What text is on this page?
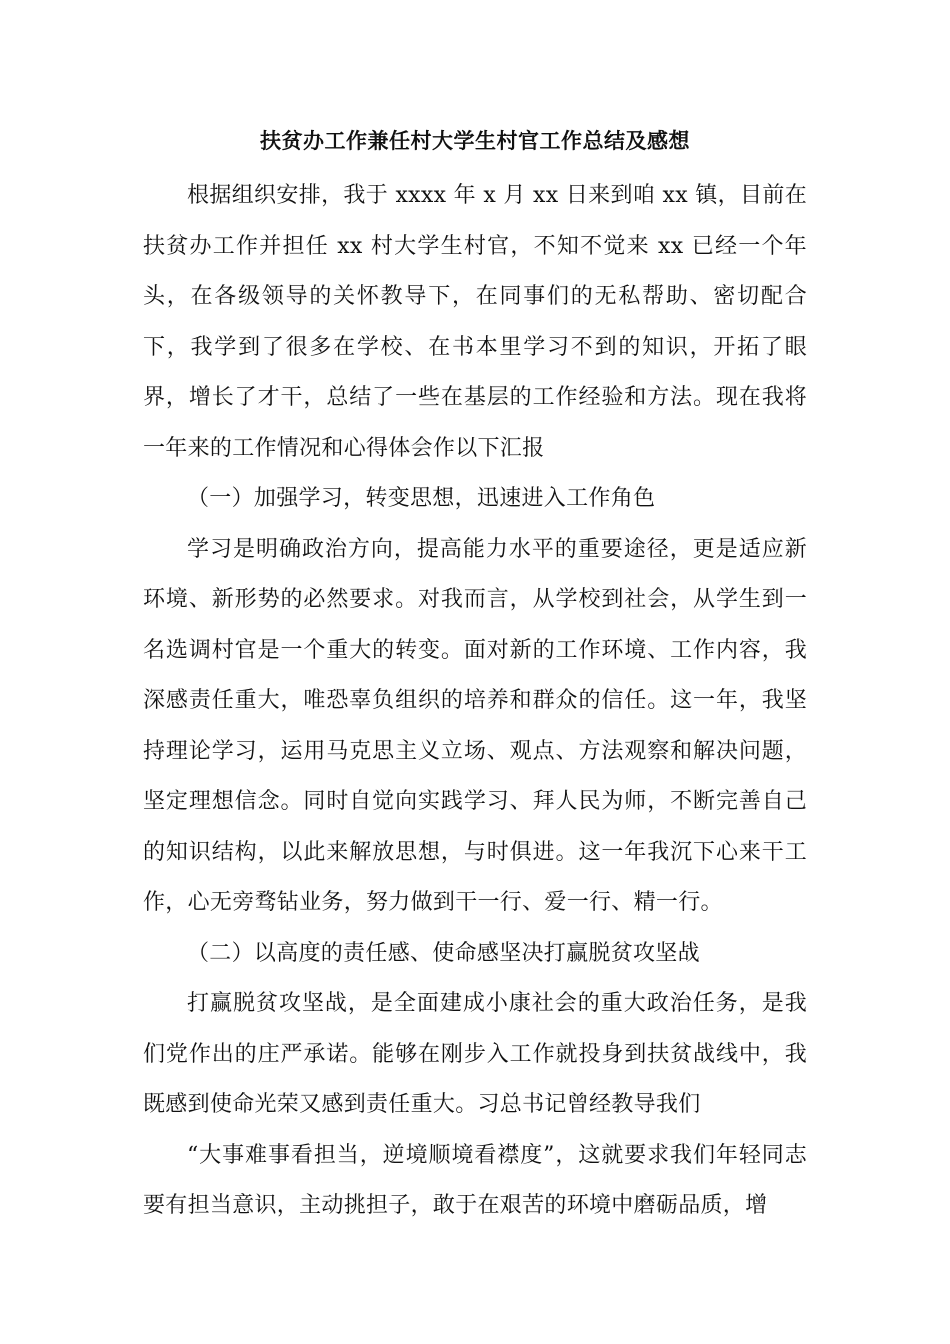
扶贫办工作兼任村大学生村官工作总结及感想

根据组织安排，我于 xxxx 年 x 月 xx 日来到咱 xx 镇，目前在扶贫办工作并担任 xx 村大学生村官，不知不觉来 xx 已经一个年头，在各级领导的关怀教导下，在同事们的无私帮助、密切配合下，我学到了很多在学校、在书本里学习不到的知识，开拓了眼界，增长了才干，总结了一些在基层的工作经验和方法。现在我将一年来的工作情况和心得体会作以下汇报

（一）加强学习，转变思想，迅速进入工作角色

学习是明确政治方向，提高能力水平的重要途径，更是适应新环境、新形势的必然要求。对我而言，从学校到社会，从学生到一名选调村官是一个重大的转变。面对新的工作环境、工作内容，我深感责任重大，唯恐辜负组织的培养和群众的信任。这一年，我坚持理论学习，运用马克思主义立场、观点、方法观察和解决问题，坚定理想信念。同时自觉向实践学习、拜人民为师，不断完善自己的知识结构，以此来解放思想，与时俱进。这一年我沉下心来干工作，心无旁骛钻业务，努力做到干一行、爱一行、精一行。

（二）以高度的责任感、使命感坚决打赢脱贫攻坚战

打赢脱贫攻坚战，是全面建成小康社会的重大政治任务，是我们党作出的庄严承诺。能够在刚步入工作就投身到扶贫战线中，我既感到使命光荣又感到责任重大。习总书记曾经教导我们

“大事难事看担当，逆境顺境看襟度”，这就要求我们年轻同志要有担当意识，主动挑担子，敢于在艰苦的环境中磨砺品质，增
